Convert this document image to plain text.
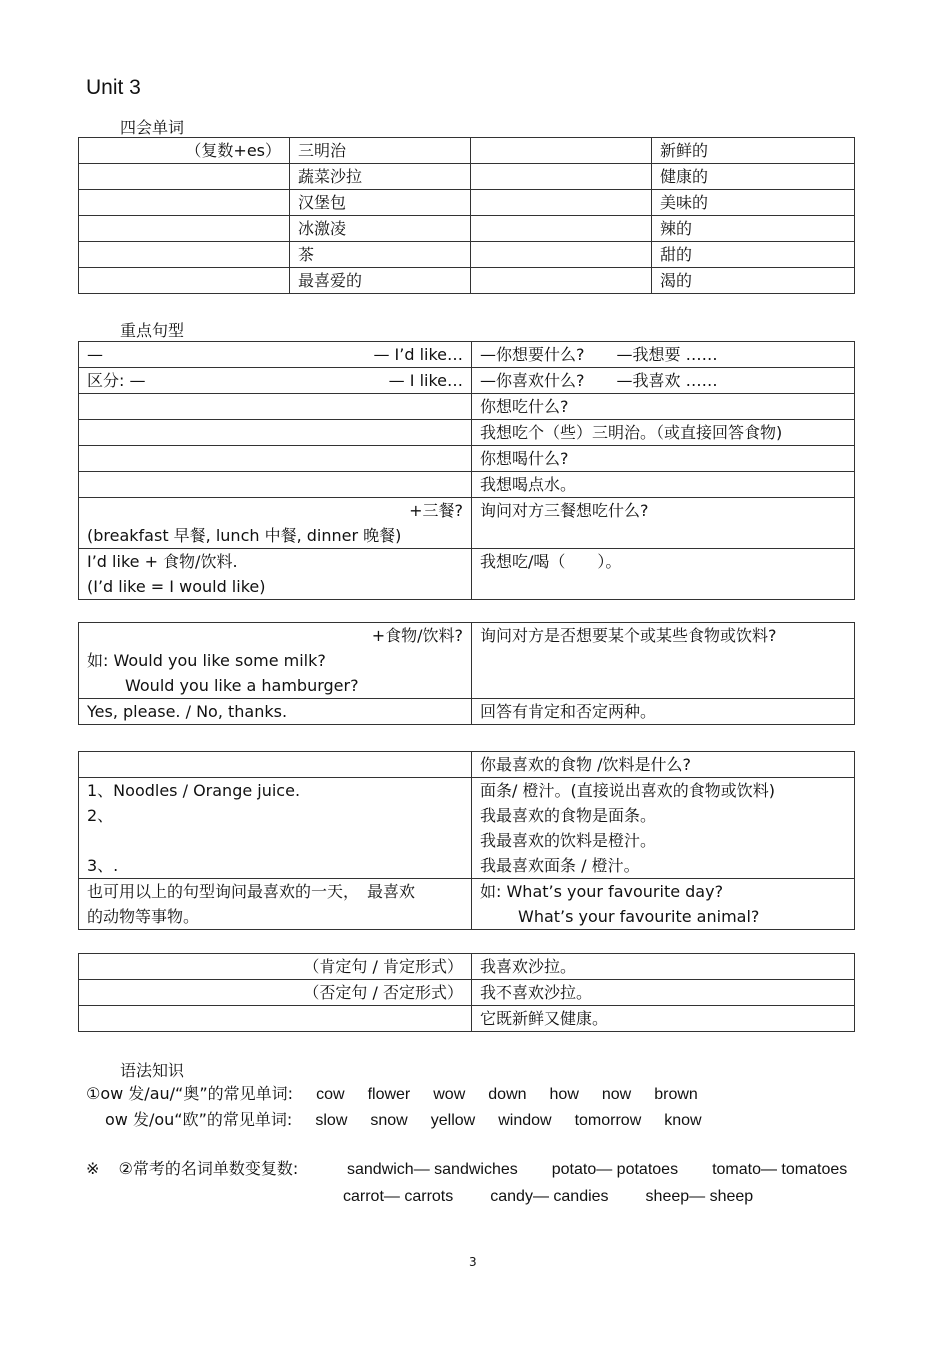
Unit 3
四会单词
（复数+es）	三明治		新鲜的
	蔬菜沙拉		健康的
	汉堡包		美味的
	冰激凌		辣的
	茶		甜的
	最喜爱的		渴的
重点句型
— — I’d like…	—你想要什么?　　—我想要 ……

区分: — — I like…	—你喜欢什么?　　—我喜欢 ……
	你想吃什么?
	我想吃个（些）三明治。（或直接回答食物)
	你想喝什么?
	我想喝点水。

+三餐?
(breakfast 早餐, lunch 中餐, dinner 晚餐)	询问对方三餐想吃什么?

I’d like + 食物/饮料.
(I’d like = I would like)	我想吃/喝（　　）。
+食物/饮料?
如: Would you like some milk?
Would you like a hamburger?	询问对方是否想要某个或某些食物或饮料?
Yes, please. / No, thanks.	回答有肯定和否定两种。
	你最喜欢的食物 /饮料是什么?

1、Noodles / Orange juice.
2、
3、.	面条/ 橙汁。(直接说出喜欢的食物或饮料)
我最喜欢的食物是面条。
我最喜欢的饮料是橙汁。
我最喜欢面条 / 橙汁。

也可用以上的句型询问最喜欢的一天，　最喜欢
的动物等事物。	如: What’s your favourite day?
What’s your favourite animal?
（肯定句 / 肯定形式）	我喜欢沙拉。
（否定句 / 否定形式）	我不喜欢沙拉。
	它既新鲜又健康。
语法知识
①ow 发/au/“奥”的常见单词: cow flower wow down how now brown
ow 发/ou“欧”的常见单词: slow snow yellow window tomorrow know
※ ②常考的名词单数变复数:	sandwich— sandwiches potato— potatoes tomato— tomatoes
carrot— carrots candy— candies sheep— sheep
3
